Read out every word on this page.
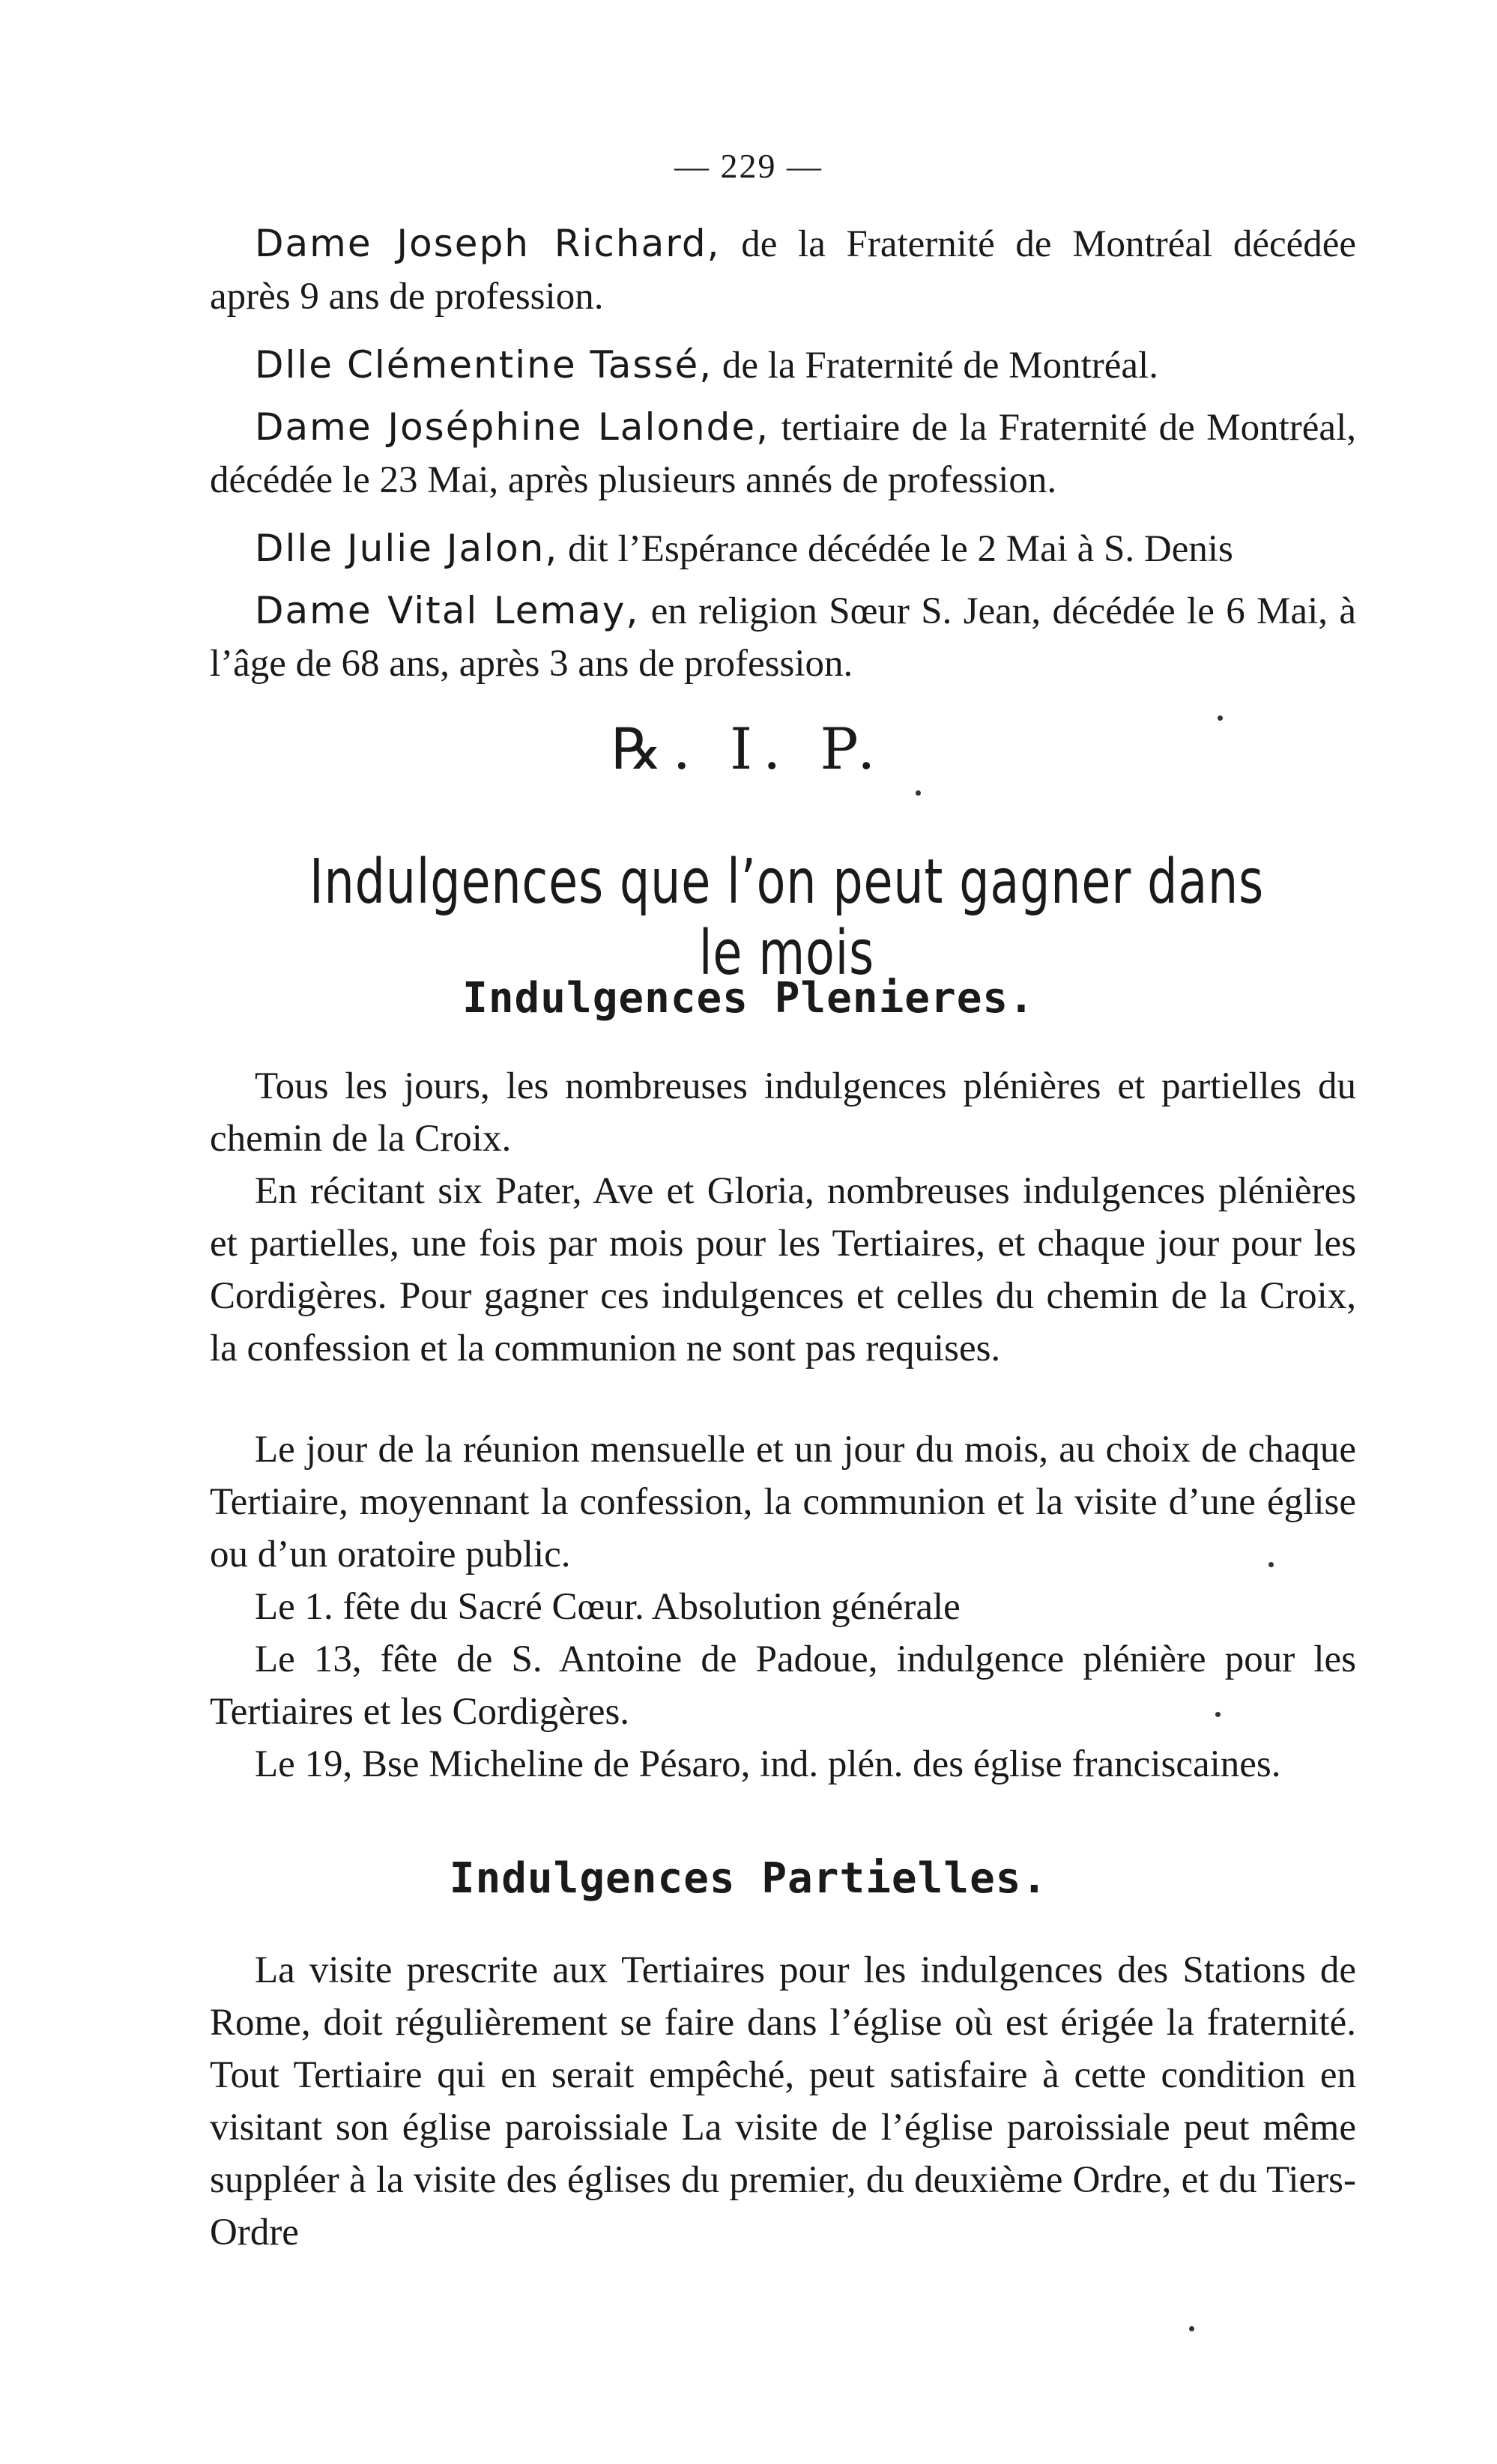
— 229 —
Dame Joseph Richard, de la Fraternité de Montréal décédée après 9 ans de profession.
Dlle Clémentine Tassé, de la Fraternité de Montréal.
Dame Joséphine Lalonde, tertiaire de la Fraternité de Montréal, décédée le 23 Mai, après plusieurs annés de profession.
Dlle Julie Jalon, dit l’Espérance décédée le 2 Mai à S. Denis
Dame Vital Lemay, en religion Sœur S. Jean, décédée le 6 Mai, à l’âge de 68 ans, après 3 ans de profession.
℞. I. P.
Indulgences que l’on peut gagner dans le mois
Indulgences Plenieres.
Tous les jours, les nombreuses indulgences plénières et partielles du chemin de la Croix.
En récitant six Pater, Ave et Gloria, nombreuses indulgences plénières et partielles, une fois par mois pour les Tertiaires, et chaque jour pour les Cordigères. Pour gagner ces indulgences et celles du chemin de la Croix, la confession et la communion ne sont pas requises.
Le jour de la réunion mensuelle et un jour du mois, au choix de chaque Tertiaire, moyennant la confession, la communion et la visite d’une église ou d’un oratoire public.
Le 1. fête du Sacré Cœur. Absolution générale
Le 13, fête de S. Antoine de Padoue, indulgence plénière pour les Tertiaires et les Cordigères.
Le 19, Bse Micheline de Pésaro, ind. plén. des église franciscaines.
Indulgences Partielles.
La visite prescrite aux Tertiaires pour les indulgences des Stations de Rome, doit régulièrement se faire dans l’église où est érigée la fraternité. Tout Tertiaire qui en serait empêché, peut satisfaire à cette condition en visitant son église paroissiale La visite de l’église paroissiale peut même suppléer à la visite des églises du premier, du deuxième Ordre, et du Tiers-Ordre
